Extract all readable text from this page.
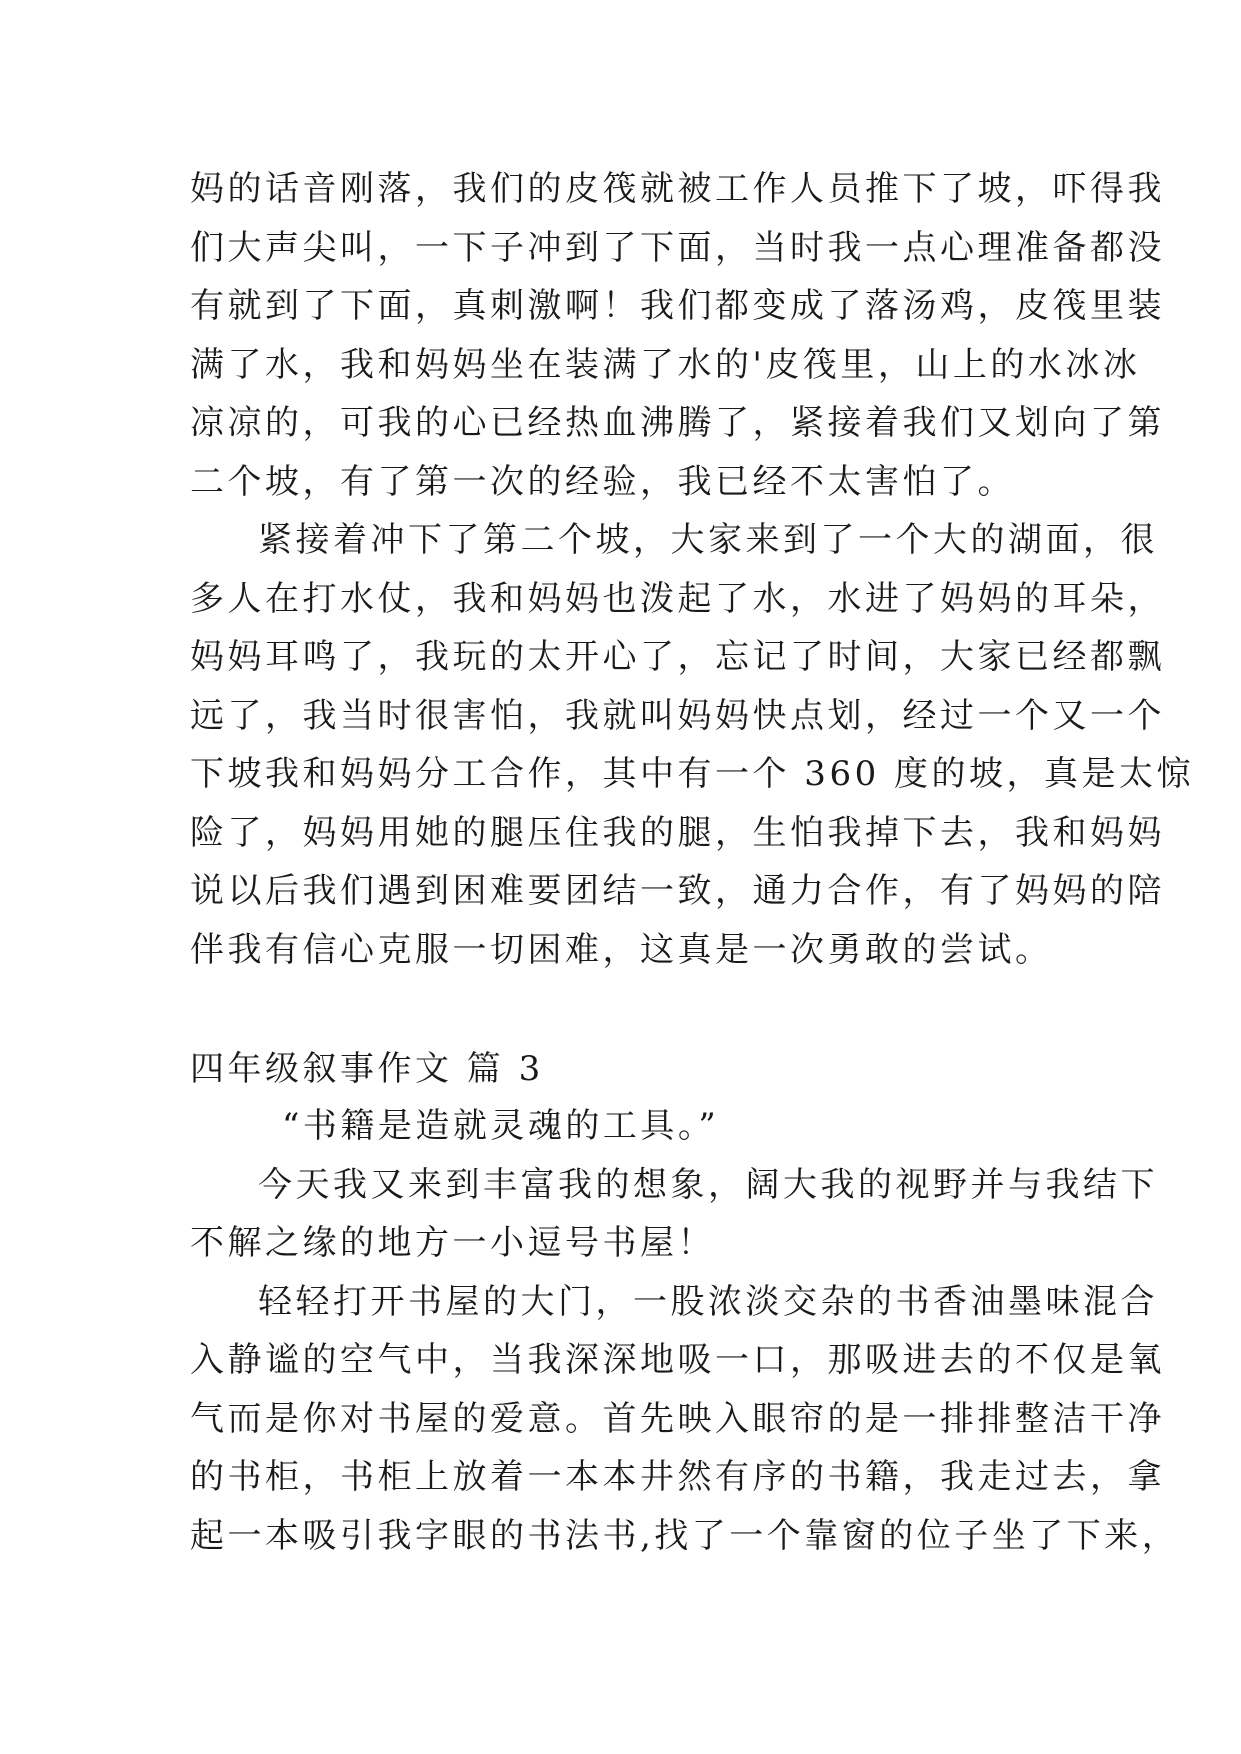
妈的话音刚落，我们的皮筏就被工作人员推下了坡，吓得我
们大声尖叫，一下子冲到了下面，当时我一点心理准备都没
有就到了下面，真刺激啊！我们都变成了落汤鸡，皮筏里装
满了水，我和妈妈坐在装满了水的'皮筏里，山上的水冰冰
凉凉的，可我的心已经热血沸腾了，紧接着我们又划向了第
二个坡，有了第一次的经验，我已经不太害怕了。
紧接着冲下了第二个坡，大家来到了一个大的湖面，很
多人在打水仗，我和妈妈也泼起了水，水进了妈妈的耳朵，
妈妈耳鸣了，我玩的太开心了，忘记了时间，大家已经都飘
远了，我当时很害怕，我就叫妈妈快点划，经过一个又一个
下坡我和妈妈分工合作，其中有一个 360 度的坡，真是太惊
险了，妈妈用她的腿压住我的腿，生怕我掉下去，我和妈妈
说以后我们遇到困难要团结一致，通力合作，有了妈妈的陪
伴我有信心克服一切困难，这真是一次勇敢的尝试。
四年级叙事作文 篇 3
“书籍是造就灵魂的工具。”
今天我又来到丰富我的想象，阔大我的视野并与我结下
不解之缘的地方一小逗号书屋！
轻轻打开书屋的大门，一股浓淡交杂的书香油墨味混合
入静谧的空气中，当我深深地吸一口，那吸进去的不仅是氧
气而是你对书屋的爱意。首先映入眼帘的是一排排整洁干净
的书柜，书柜上放着一本本井然有序的书籍，我走过去，拿
起一本吸引我字眼的书法书,找了一个靠窗的位子坐了下来，
